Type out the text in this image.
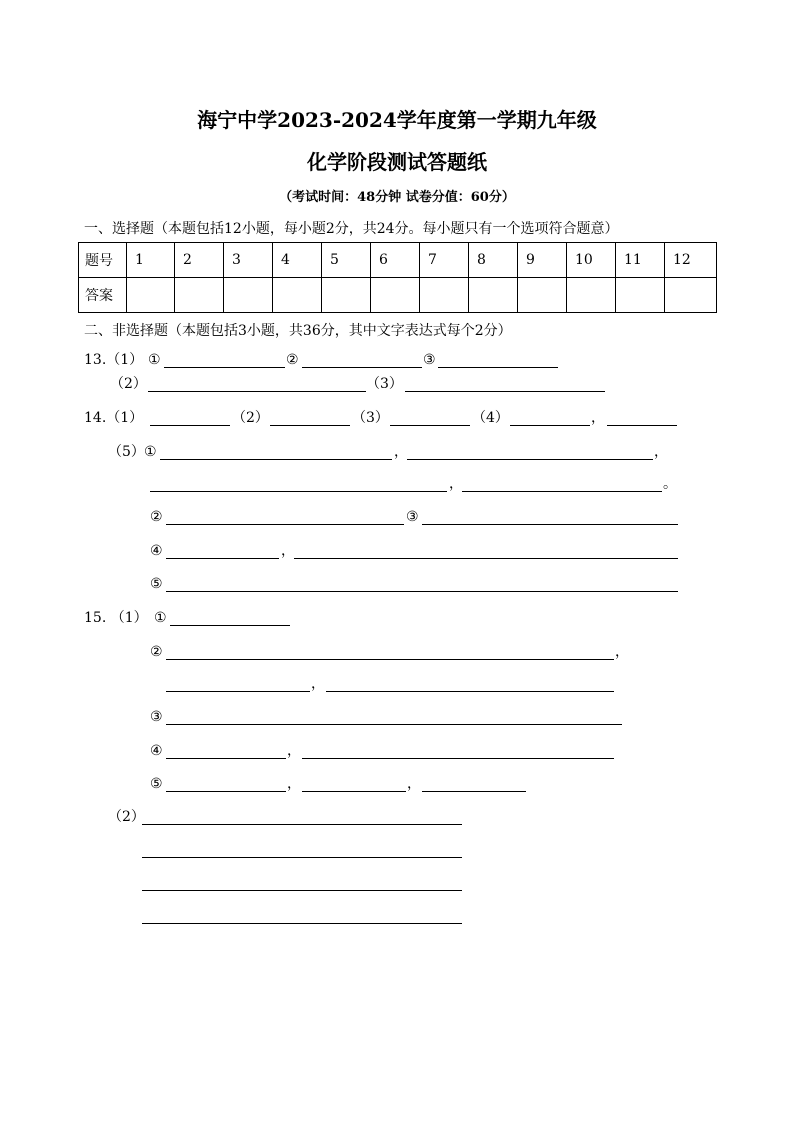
海宁中学2023-2024学年度第一学期九年级
化学阶段测试答题纸
（考试时间：48分钟 试卷分值：60分）
一、选择题（本题包括12小题，每小题2分，共24分。每小题只有一个选项符合题意）
题号	1	2	3	4	5	6	7	8	9	10	11	12
答案												
二、非选择题（本题包括3小题，共36分，其中文字表达式每个2分）
13.（1） ①	②	③
（2）	（3）
14.（1）	（2）	（3）	（4）	，
（5） ①	，	，
，	。
②	③
④	，
⑤
15. （1） ①
②	，
，
③
④	，
⑤	，	，
（2）
